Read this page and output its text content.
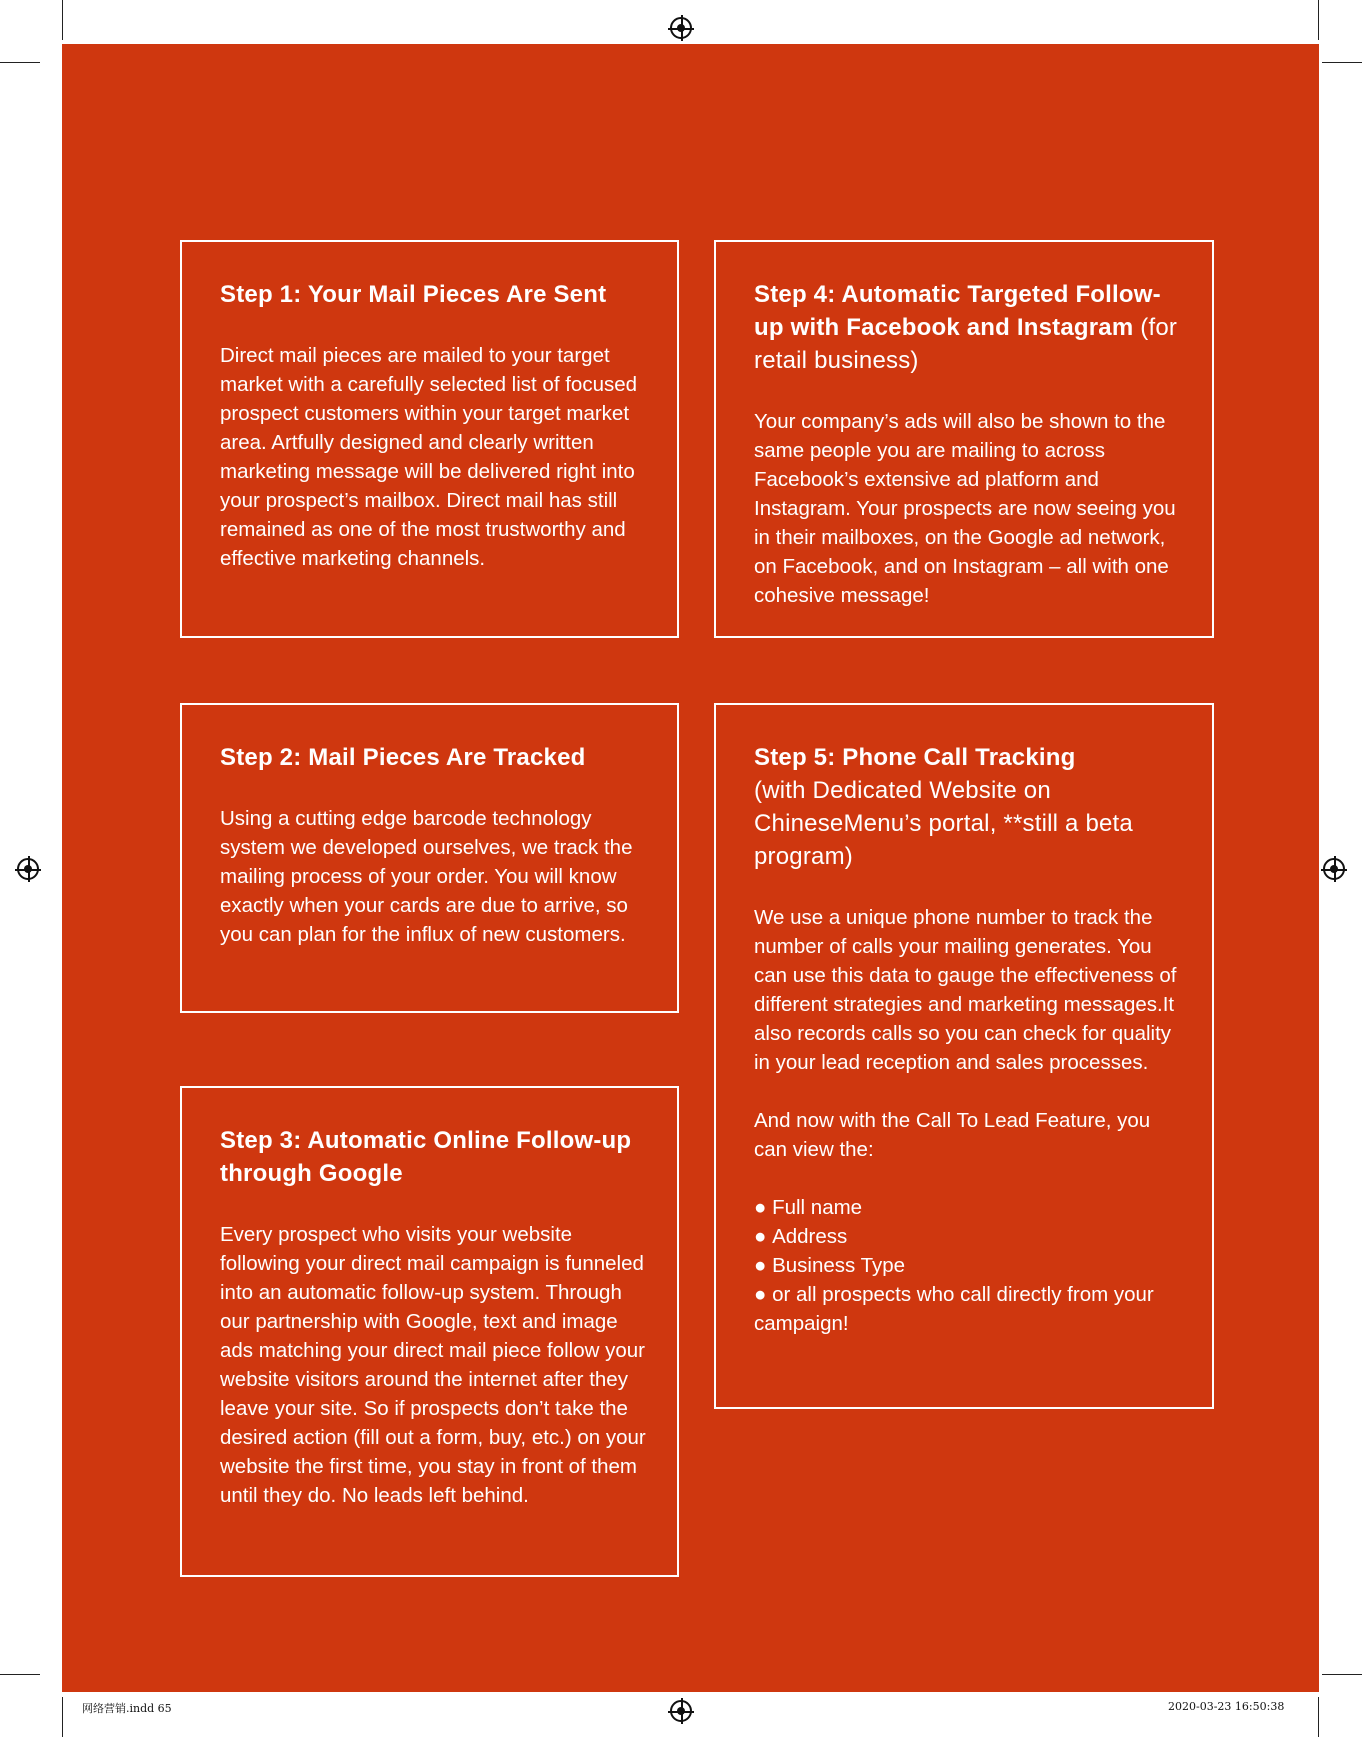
Step 1: Your Mail Pieces Are Sent

Direct mail pieces are mailed to your target market with a carefully selected list of focused prospect customers within your target market area. Artfully designed and clearly written marketing message will be delivered right into your prospect’s mailbox. Direct mail has still remained as one of the most trustworthy and effective marketing channels.

Step 2: Mail Pieces Are Tracked

Using a cutting edge barcode technology system we developed ourselves, we track the mailing process of your order. You will know exactly when your cards are due to arrive, so you can plan for the influx of new customers.

Step 3: Automatic Online Follow-up through Google

Every prospect who visits your website following your direct mail campaign is funneled into an automatic follow-up system. Through our partnership with Google, text and image ads matching your direct mail piece follow your website visitors around the internet after they leave your site. So if prospects don’t take the desired action (fill out a form, buy, etc.) on your website the first time, you stay in front of them until they do. No leads left behind.

Step 4: Automatic Targeted Follow-up with Facebook and Instagram (for retail business)

Your company’s ads will also be shown to the same people you are mailing to across Facebook’s extensive ad platform and Instagram. Your prospects are now seeing you in their mailboxes, on the Google ad network, on Facebook, and on Instagram – all with one cohesive message!

Step 5: Phone Call Tracking
(with Dedicated Website on ChineseMenu’s portal, **still a beta program)

We use a unique phone number to track the number of calls your mailing generates. You can use this data to gauge the effectiveness of different strategies and marketing messages.It also records calls so you can check for quality in your lead reception and sales processes.

And now with the Call To Lead Feature, you can view the:

● Full name
● Address
● Business Type
● or all prospects who call directly from your campaign!
网络营销.indd 65	2020-03-23 16:50:38
